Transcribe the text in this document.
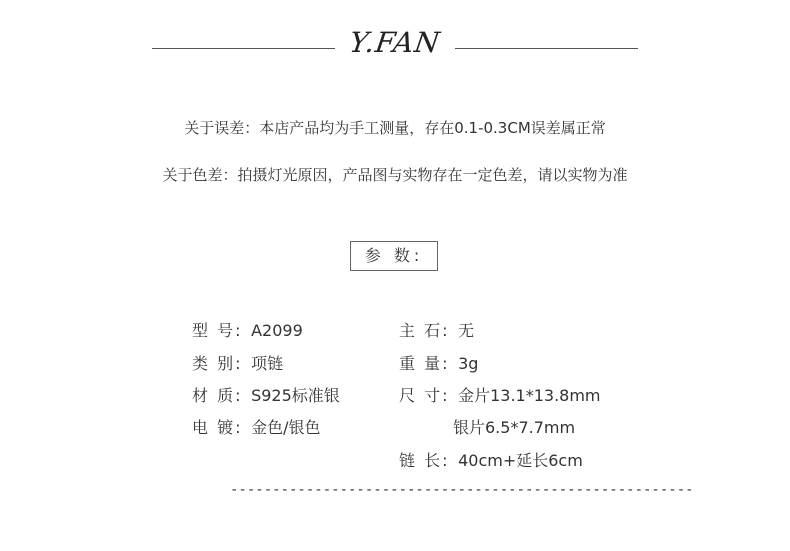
Y.FAN
关于误差：本店产品均为手工测量，存在0.1-0.3CM误差属正常
关于色差：拍摄灯光原因，产品图与实物存在一定色差，请以实物为准
参 数:
型 号: A2099
类 别: 项链
材 质: S925标准银
电 镀: 金色/银色
主 石: 无
重 量: 3g
尺 寸: 金片13.1*13.8mm
银片6.5*7.7mm
链 长: 40cm+延长6cm
-------------------------------------------------------
